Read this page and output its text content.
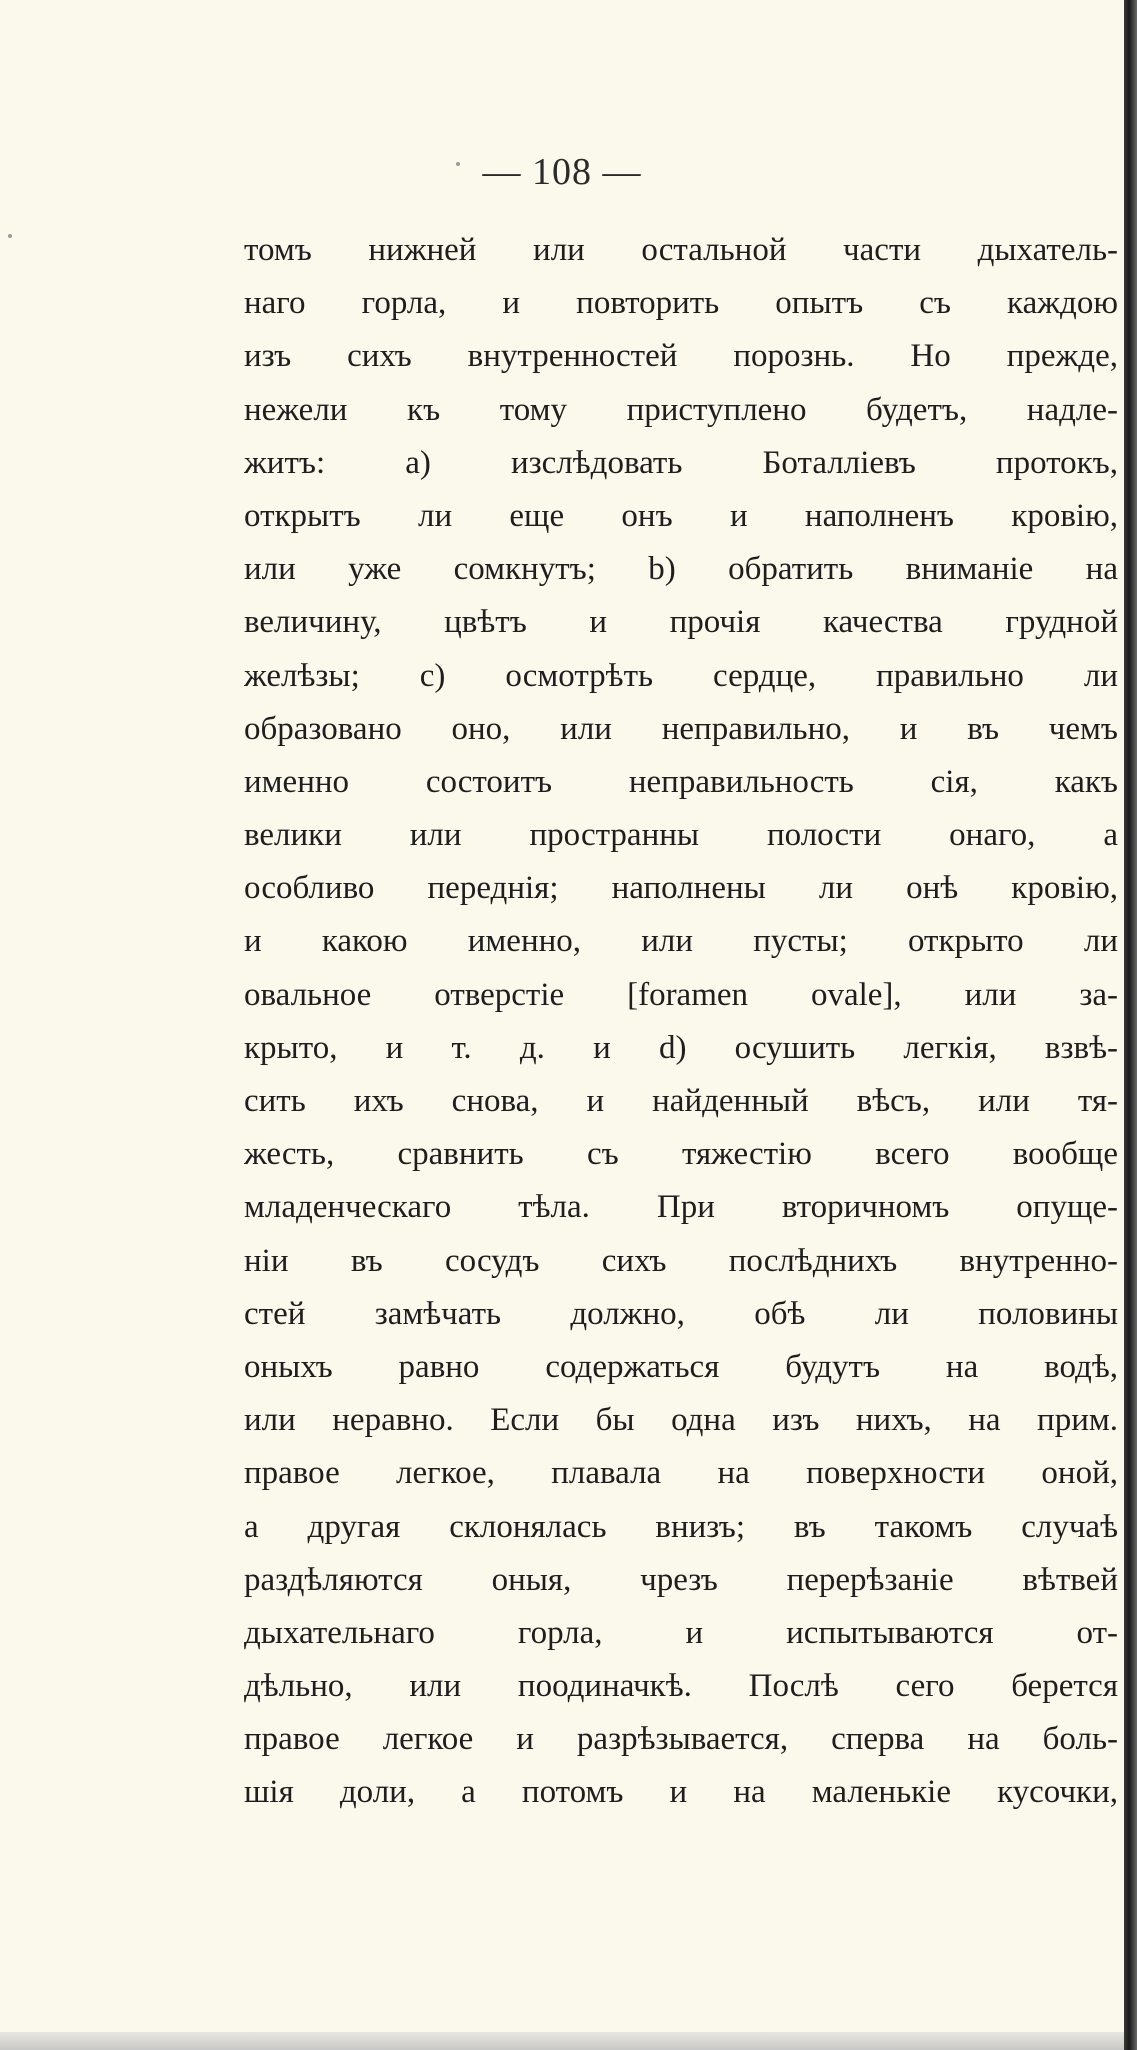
— 108 —
томъ нижней или остальной части дыхатель-
наго горла, и повторить опытъ съ каждою
изъ сихъ внутренностей порознь. Но прежде,
нежели къ тому приступлено будетъ, надле-
житъ: а) изслѣдовать Боталліевъ протокъ,
открытъ ли еще онъ и наполненъ кровію,
или уже сомкнутъ; b) обратить вниманіе на
величину, цвѣтъ и прочія качества грудной
желѣзы; с) осмотрѣть сердце, правильно ли
образовано оно, или неправильно, и въ чемъ
именно состоитъ неправильность сія, какъ
велики или пространны полости онаго, а
особливо переднія; наполнены ли онѣ кровію,
и какою именно, или пусты; открыто ли
овальное отверстіе [foramen ovale], или за-
крыто, и т. д. и d) осушить легкія, взвѣ-
сить ихъ снова, и найденный вѣсъ, или тя-
жесть, сравнить съ тяжестію всего вообще
младенческаго тѣла. При вторичномъ опуще-
ніи въ сосудъ сихъ послѣднихъ внутренно-
стей замѣчать должно, обѣ ли половины
оныхъ равно содержаться будутъ на водѣ,
или неравно. Если бы одна изъ нихъ, на прим.
правое легкое, плавала на поверхности оной,
а другая склонялась внизъ; въ такомъ случаѣ
раздѣляются оныя, чрезъ перерѣзаніе вѣтвей
дыхательнаго горла, и испытываются от-
дѣльно, или поодиначкѣ. Послѣ сего берется
правое легкое и разрѣзывается, сперва на боль-
шія доли, а потомъ и на маленькіе кусочки,
